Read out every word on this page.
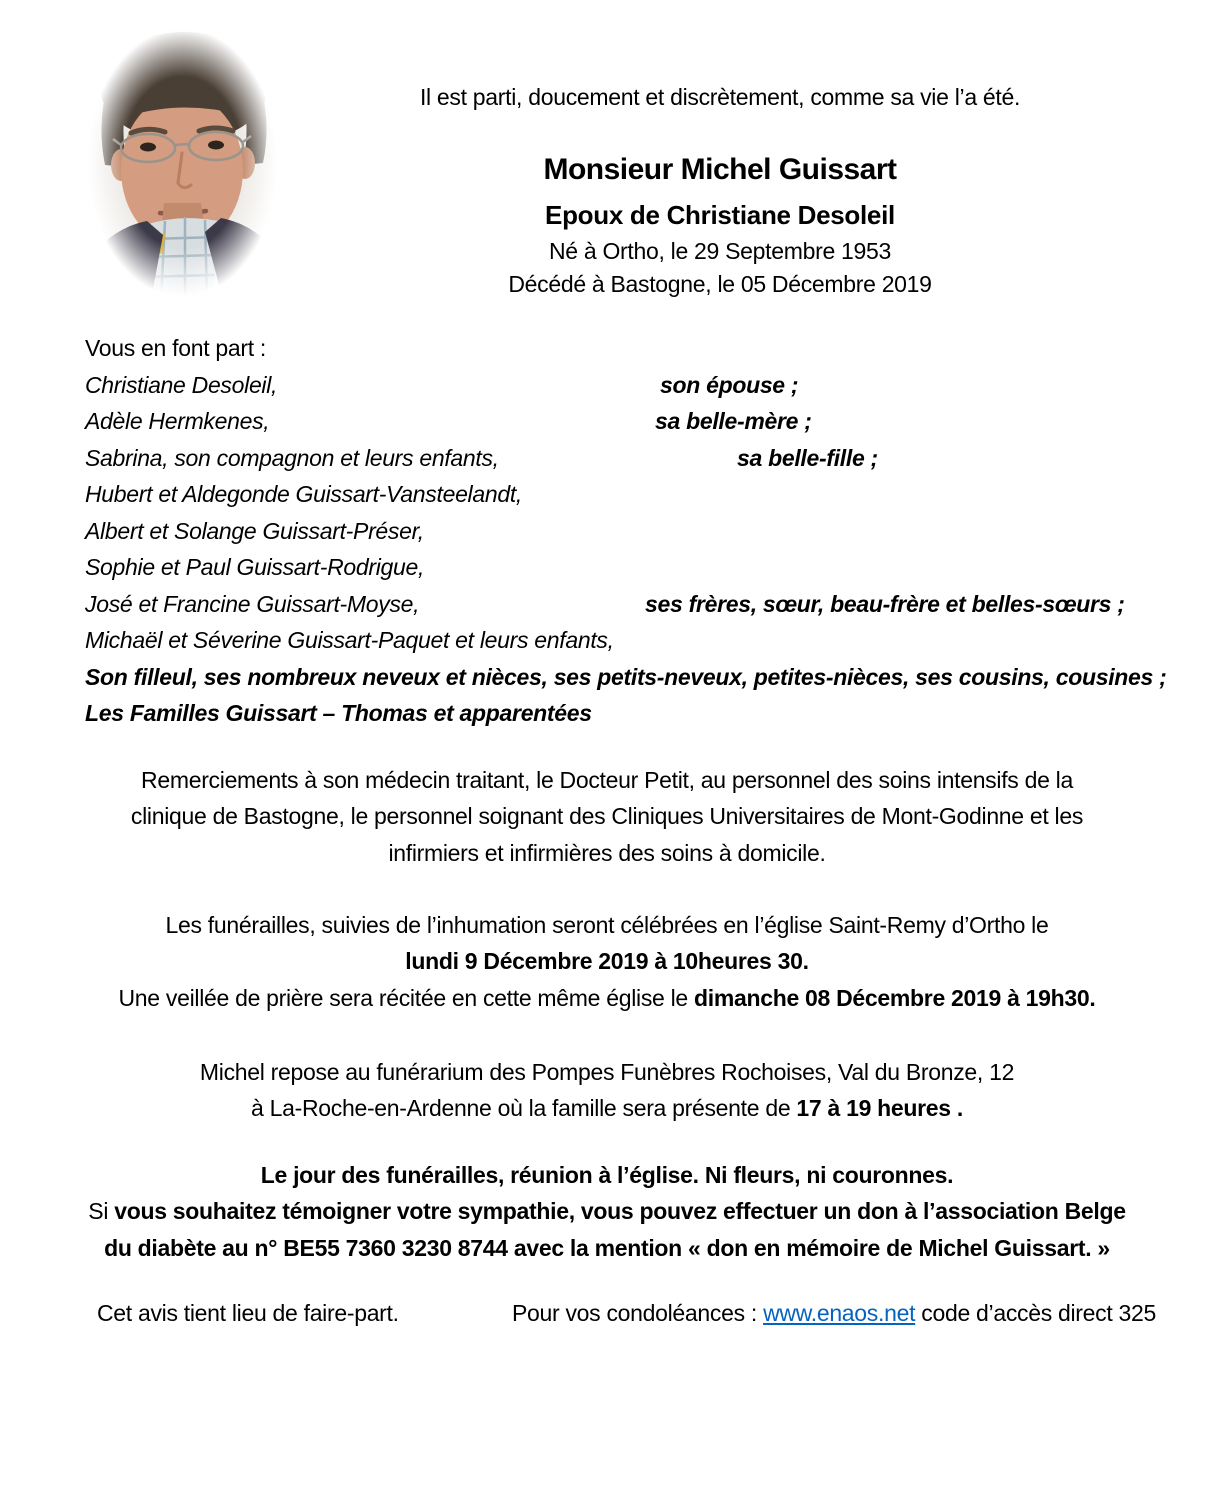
Il est parti, doucement et discrètement, comme sa vie l’a été.

Monsieur Michel Guissart

Epoux de Christiane Desoleil

Né à Ortho, le 29 Septembre 1953

Décédé à Bastogne, le 05 Décembre 2019

Vous en font part :
Christiane Desoleil,	son épouse ;
Adèle Hermkenes,	sa belle-mère ;
Sabrina, son compagnon et leurs enfants,	sa belle-fille ;
Hubert et Aldegonde Guissart-Vansteelandt,
Albert et Solange Guissart-Préser,
Sophie et Paul Guissart-Rodrigue,
José et Francine Guissart-Moyse,	ses frères, sœur, beau-frère et belles-sœurs ;
Michaël et Séverine Guissart-Paquet et leurs enfants,
Son filleul, ses nombreux neveux et nièces, ses petits-neveux, petites-nièces, ses cousins, cousines ;
Les Familles Guissart – Thomas et apparentées
Remerciements à son médecin traitant, le Docteur Petit, au personnel des soins intensifs de la
clinique de Bastogne, le personnel soignant des Cliniques Universitaires de Mont-Godinne et les
infirmiers et infirmières des soins à domicile.
Les funérailles, suivies de l’inhumation seront célébrées en l’église Saint-Remy d’Ortho le
lundi 9 Décembre 2019 à 10heures 30.
Une veillée de prière sera récitée en cette même église le dimanche 08 Décembre 2019 à 19h30.
Michel repose au funérarium des Pompes Funèbres Rochoises, Val du Bronze, 12
à La-Roche-en-Ardenne où la famille sera présente de 17 à 19 heures .
Le jour des funérailles, réunion à l’église. Ni fleurs, ni couronnes.
Si vous souhaitez témoigner votre sympathie, vous pouvez effectuer un don à l’association Belge
du diabète au n° BE55 7360 3230 8744 avec la mention « don en mémoire de Michel Guissart. »
Cet avis tient lieu de faire-part.	Pour vos condoléances : www.enaos.net code d’accès direct 325
